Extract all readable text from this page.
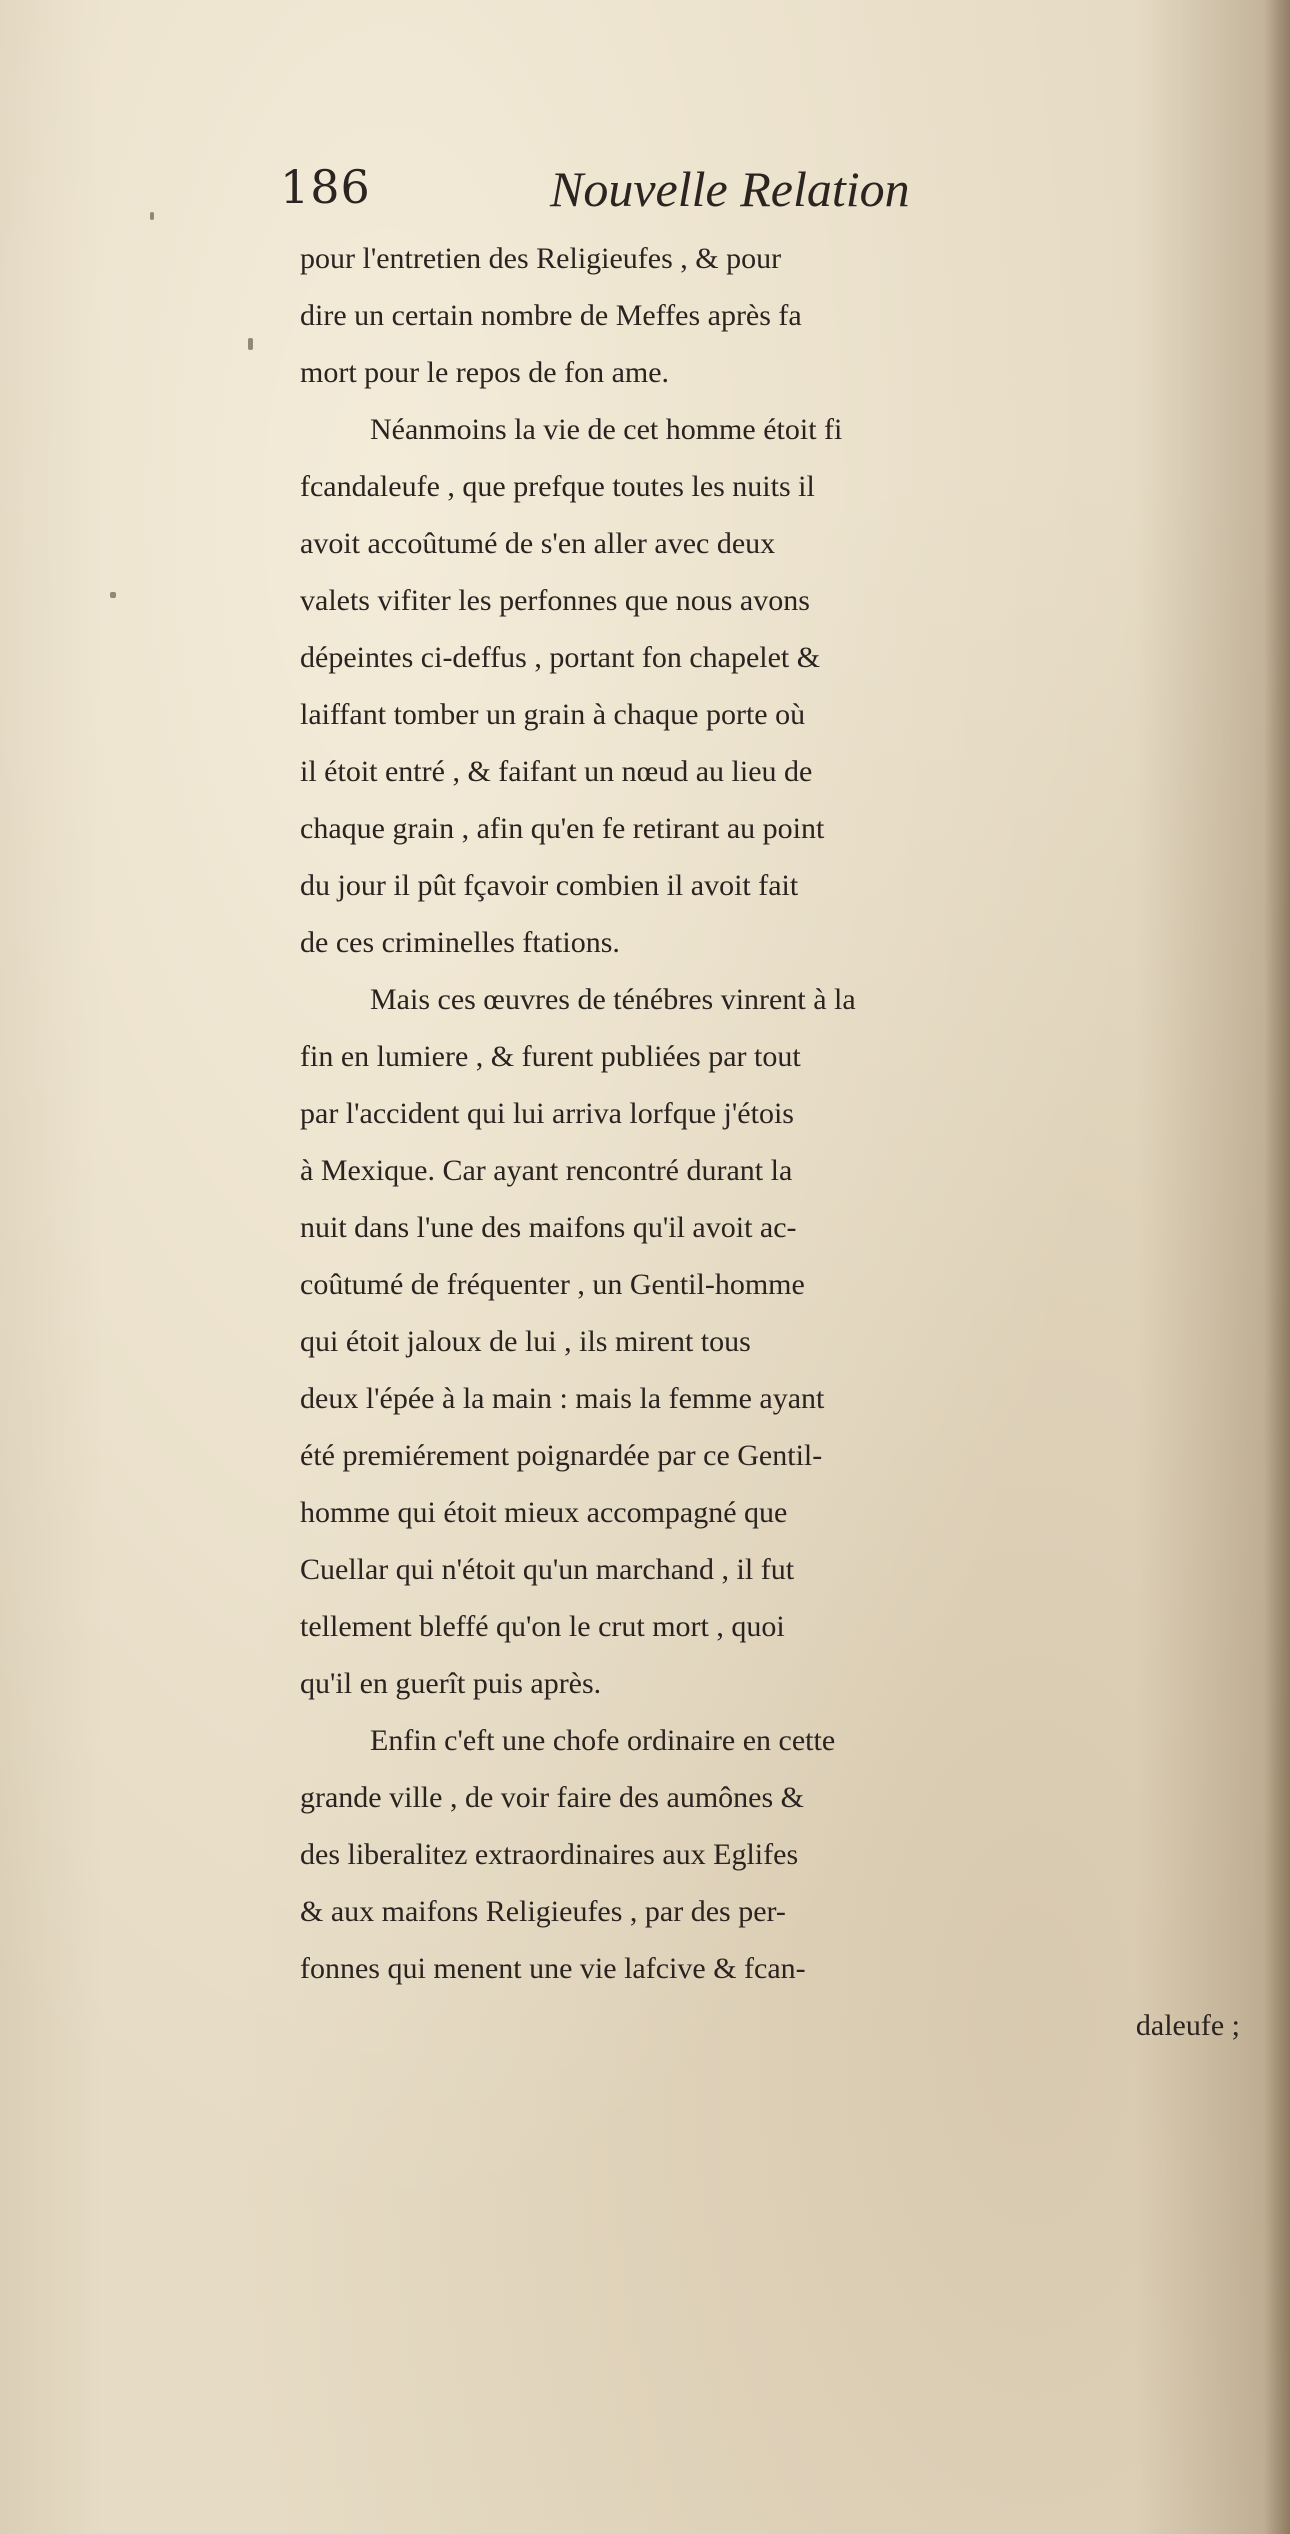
186	Nouvelle Relation
pour l'entretien des Religieufes , & pour
dire un certain nombre de Meffes après fa
mort pour le repos de fon ame.
Néanmoins la vie de cet homme étoit fi
fcandaleufe , que prefque toutes les nuits il
avoit accoûtumé de s'en aller avec deux
valets vifiter les perfonnes que nous avons
dépeintes ci-deffus , portant fon chapelet &
laiffant tomber un grain à chaque porte où
il étoit entré , & faifant un nœud au lieu de
chaque grain , afin qu'en fe retirant au point
du jour il pût fçavoir combien il avoit fait
de ces criminelles ftations.
Mais ces œuvres de ténébres vinrent à la
fin en lumiere , & furent publiées par tout
par l'accident qui lui arriva lorfque j'étois
à Mexique. Car ayant rencontré durant la
nuit dans l'une des maifons qu'il avoit ac-
coûtumé de fréquenter , un Gentil-homme
qui étoit jaloux de lui , ils mirent tous
deux l'épée à la main : mais la femme ayant
été premiérement poignardée par ce Gentil-
homme qui étoit mieux accompagné que
Cuellar qui n'étoit qu'un marchand , il fut
tellement bleffé qu'on le crut mort , quoi
qu'il en guerît puis après.
Enfin c'eft une chofe ordinaire en cette
grande ville , de voir faire des aumônes &
des liberalitez extraordinaires aux Eglifes
& aux maifons Religieufes , par des per-
fonnes qui menent une vie lafcive & fcan-
daleufe ;
